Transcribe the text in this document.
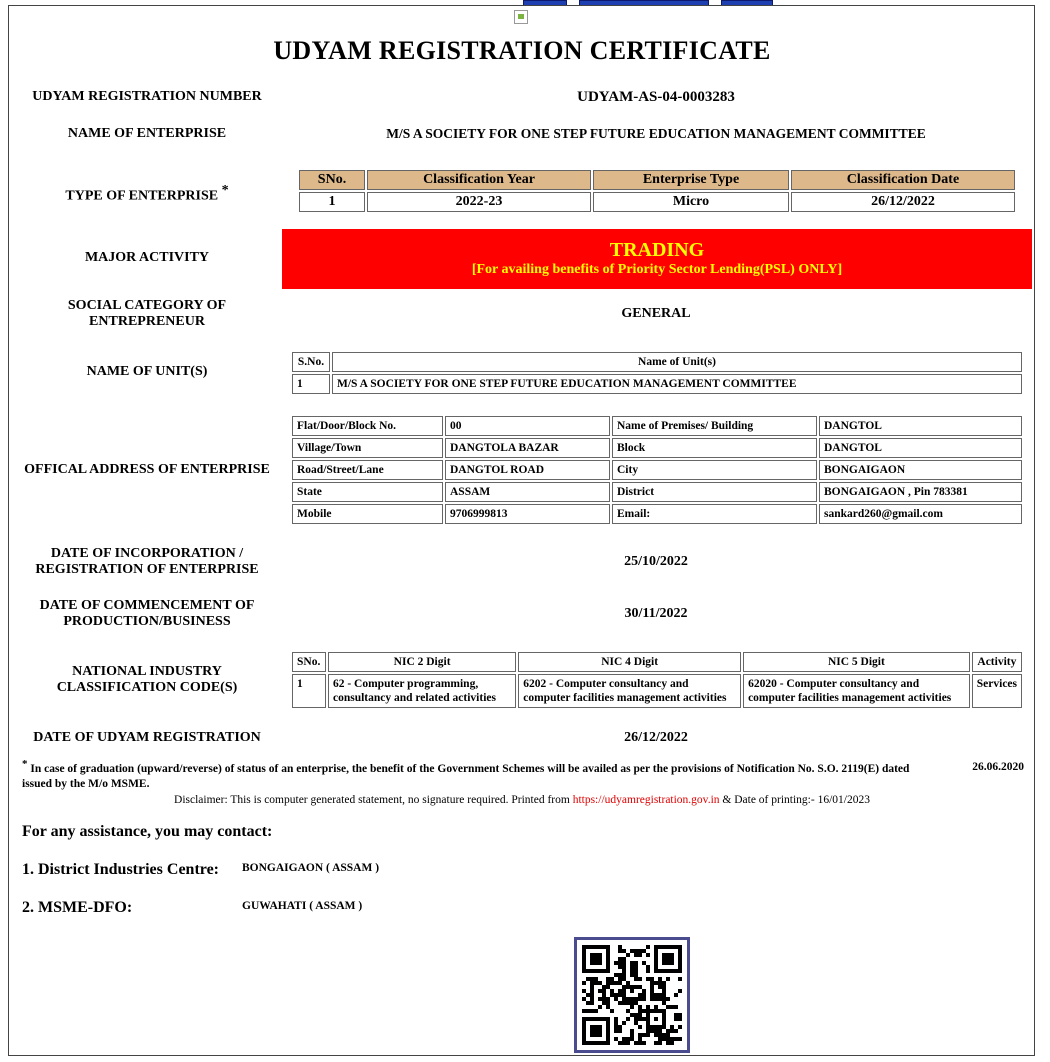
UDYAM REGISTRATION CERTIFICATE
UDYAM REGISTRATION NUMBER	UDYAM-AS-04-0003283
NAME OF ENTERPRISE	M/S A SOCIETY FOR ONE STEP FUTURE EDUCATION MANAGEMENT COMMITTEE
TYPE OF ENTERPRISE *
SNo.	Classification Year	Enterprise Type	Classification Date
1	2022-23	Micro	26/12/2022
MAJOR ACTIVITY	TRADING
[For availing benefits of Priority Sector Lending(PSL) ONLY]
SOCIAL CATEGORY OF ENTREPRENEUR
GENERAL
NAME OF UNIT(S)
S.No.	Name of Unit(s)
1	M/S A SOCIETY FOR ONE STEP FUTURE EDUCATION MANAGEMENT COMMITTEE
OFFICAL ADDRESS OF ENTERPRISE
Flat/Door/Block No.	00	Name of Premises/ Building	DANGTOL
Village/Town	DANGTOLA BAZAR	Block	DANGTOL
Road/Street/Lane	DANGTOL ROAD	City	BONGAIGAON
State	ASSAM	District	BONGAIGAON , Pin 783381
Mobile	9706999813	Email:	sankard260@gmail.com
DATE OF INCORPORATION / REGISTRATION OF ENTERPRISE
25/10/2022
DATE OF COMMENCEMENT OF PRODUCTION/BUSINESS
30/11/2022
NATIONAL INDUSTRY CLASSIFICATION CODE(S)
SNo.	NIC 2 Digit	NIC 4 Digit	NIC 5 Digit	Activity
1	62 - Computer programming, consultancy and related activities	6202 - Computer consultancy and computer facilities management activities	62020 - Computer consultancy and computer facilities management activities	Services
DATE OF UDYAM REGISTRATION	26/12/2022
* In case of graduation (upward/reverse) of status of an enterprise, the benefit of the Government Schemes will be availed as per the provisions of Notification No. S.O. 2119(E) dated	26.06.2020

issued by the M/o MSME.
Disclaimer: This is computer generated statement, no signature required. Printed from https://udyamregistration.gov.in & Date of printing:- 16/01/2023
For any assistance, you may contact:
1. District Industries Centre: BONGAIGAON ( ASSAM )
2. MSME-DFO:	GUWAHATI ( ASSAM )
